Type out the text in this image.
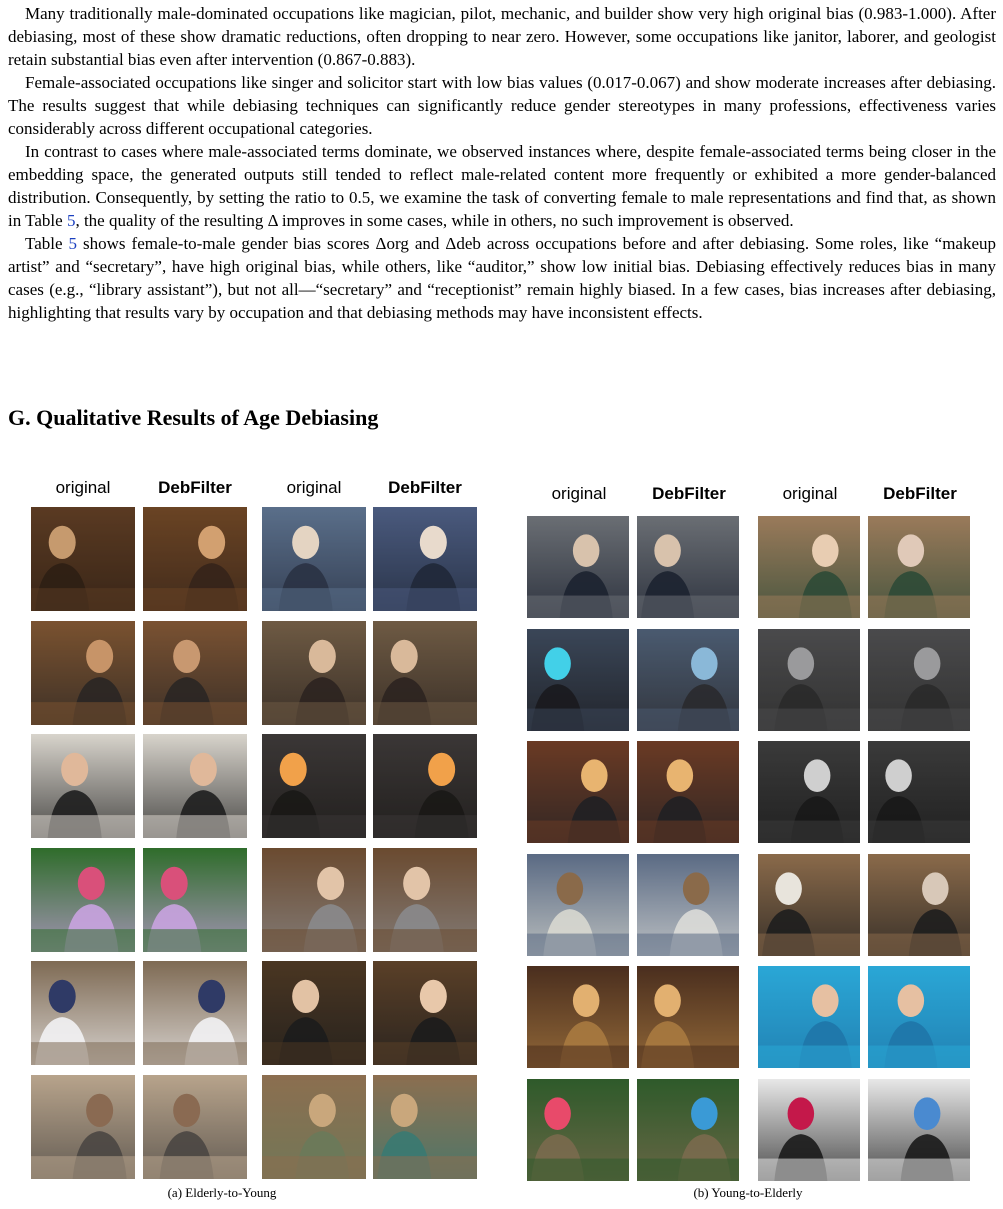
Many traditionally male-dominated occupations like magician, pilot, mechanic, and builder show very high original bias (0.983-1.000). After debiasing, most of these show dramatic reductions, often dropping to near zero. However, some occupations like janitor, laborer, and geologist retain substantial bias even after intervention (0.867-0.883).

Female-associated occupations like singer and solicitor start with low bias values (0.017-0.067) and show moderate increases after debiasing. The results suggest that while debiasing techniques can significantly reduce gender stereotypes in many professions, effectiveness varies considerably across different occupational categories.

In contrast to cases where male-associated terms dominate, we observed instances where, despite female-associated terms being closer in the embedding space, the generated outputs still tended to reflect male-related content more frequently or exhibited a more gender-balanced distribution. Consequently, by setting the ratio to 0.5, we examine the task of converting female to male representations and find that, as shown in Table 5, the quality of the resulting Δ improves in some cases, while in others, no such improvement is observed.

Table 5 shows female-to-male gender bias scores Δorg and Δdeb across occupations before and after debiasing. Some roles, like “makeup artist” and “secretary”, have high original bias, while others, like “auditor,” show low initial bias. Debiasing effectively reduces bias in many cases (e.g., “library assistant”), but not all—“secretary” and “receptionist” remain highly biased. In a few cases, bias increases after debiasing, highlighting that results vary by occupation and that debiasing methods may have inconsistent effects.

G. Qualitative Results of Age Debiasing
original	DebFilter	original	DebFilter	original	DebFilter	original	DebFilter
(a) Elderly-to-Young	(b) Young-to-Elderly
